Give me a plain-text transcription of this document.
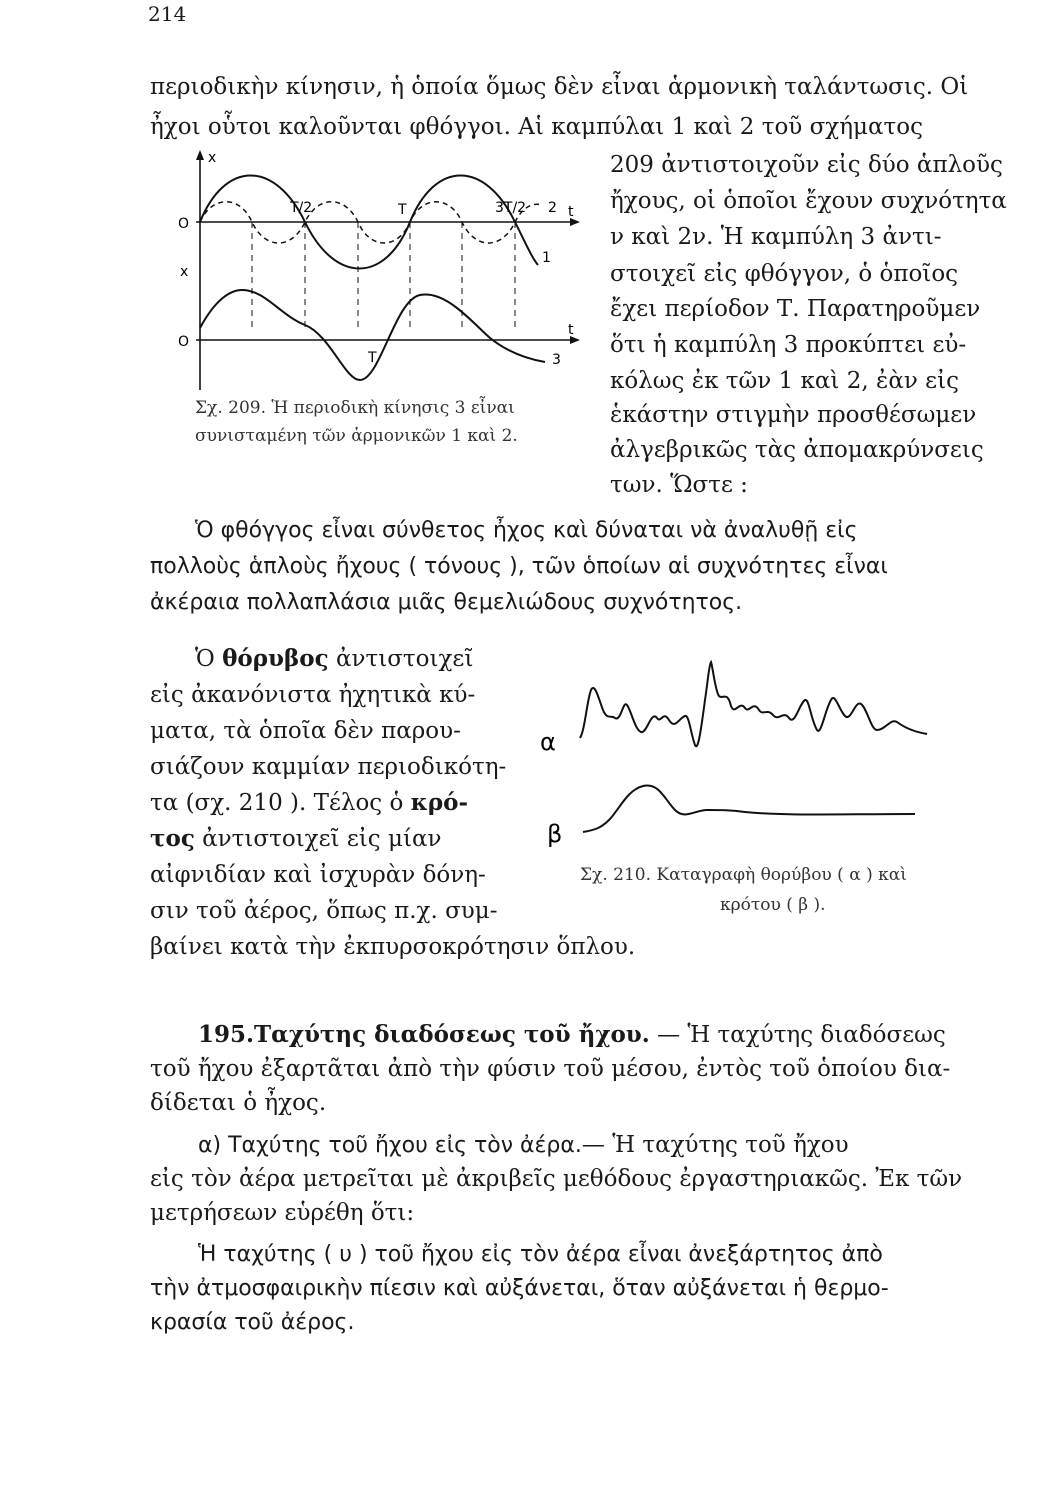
214
περιοδικὴν κίνησιν, ἡ ὁποία ὅμως δὲν εἶναι ἁρμονικὴ ταλάντωσις. Οἱ
ἦχοι οὗτοι καλοῦνται φθόγγοι. Αἱ καμπύλαι 1 καὶ 2 τοῦ σχήματος
209 ἀντιστοιχοῦν εἰς δύο ἁπλοῦς
ἤχους, οἱ ὁποῖοι ἔχουν συχνότητα
ν καὶ 2ν. Ἡ καμπύλη 3 ἀντι-
στοιχεῖ εἰς φθόγγον, ὁ ὁποῖος
ἔχει περίοδον Τ. Παρατηροῦμεν
ὅτι ἡ καμπύλη 3 προκύπτει εὐ-
κόλως ἐκ τῶν 1 καὶ 2, ἐὰν εἰς
ἑκάστην στιγμὴν προσθέσωμεν
ἀλγεβρικῶς τὰς ἀπομακρύνσεις
των. Ὥστε :
x
O
x
O
t
t
T/2	T	3T/2
T
1
2
3
Σχ. 209. Ἡ περιοδικὴ κίνησις 3 εἶναι
συνισταμένη τῶν ἁρμονικῶν 1 καὶ 2.
Ὁ φθόγγος εἶναι σύνθετος ἦχος καὶ δύναται νὰ ἀναλυθῇ εἰς
πολλοὺς ἁπλοὺς ἤχους ( τόνους ), τῶν ὁποίων αἱ συχνότητες εἶναι
ἀκέραια πολλαπλάσια μιᾶς θεμελιώδους συχνότητος.
Ὁ θόρυβος ἀντιστοιχεῖ
εἰς ἀκανόνιστα ἠχητικὰ κύ-
ματα, τὰ ὁποῖα δὲν παρου-
σιάζουν καμμίαν περιοδικότη-
τα (σχ. 210 ). Τέλος ὁ κρό-
τος ἀντιστοιχεῖ εἰς μίαν
αἰφνιδίαν καὶ ἰσχυρὰν δόνη-
σιν τοῦ ἀέρος, ὅπως π.χ. συμ-
βαίνει κατὰ τὴν ἐκπυρσοκρότησιν ὅπλου.
α
β
Σχ. 210. Καταγραφὴ θορύβου ( α ) καὶ
κρότου ( β ).
195.Ταχύτης διαδόσεως τοῦ ἤχου. — Ἡ ταχύτης διαδόσεως
τοῦ ἤχου ἐξαρτᾶται ἀπὸ τὴν φύσιν τοῦ μέσου, ἐντὸς τοῦ ὁποίου δια-
δίδεται ὁ ἦχος.
α) Ταχύτης τοῦ ἤχου εἰς τὸν ἀέρα.— Ἡ ταχύτης τοῦ ἤχου
εἰς τὸν ἀέρα μετρεῖται μὲ ἀκριβεῖς μεθόδους ἐργαστηριακῶς. Ἐκ τῶν
μετρήσεων εὑρέθη ὅτι:
Ἡ ταχύτης ( υ ) τοῦ ἤχου εἰς τὸν ἀέρα εἶναι ἀνεξάρτητος ἀπὸ
τὴν ἀτμοσφαιρικὴν πίεσιν καὶ αὐξάνεται, ὅταν αὐξάνεται ἡ θερμο-
κρασία τοῦ ἀέρος.
